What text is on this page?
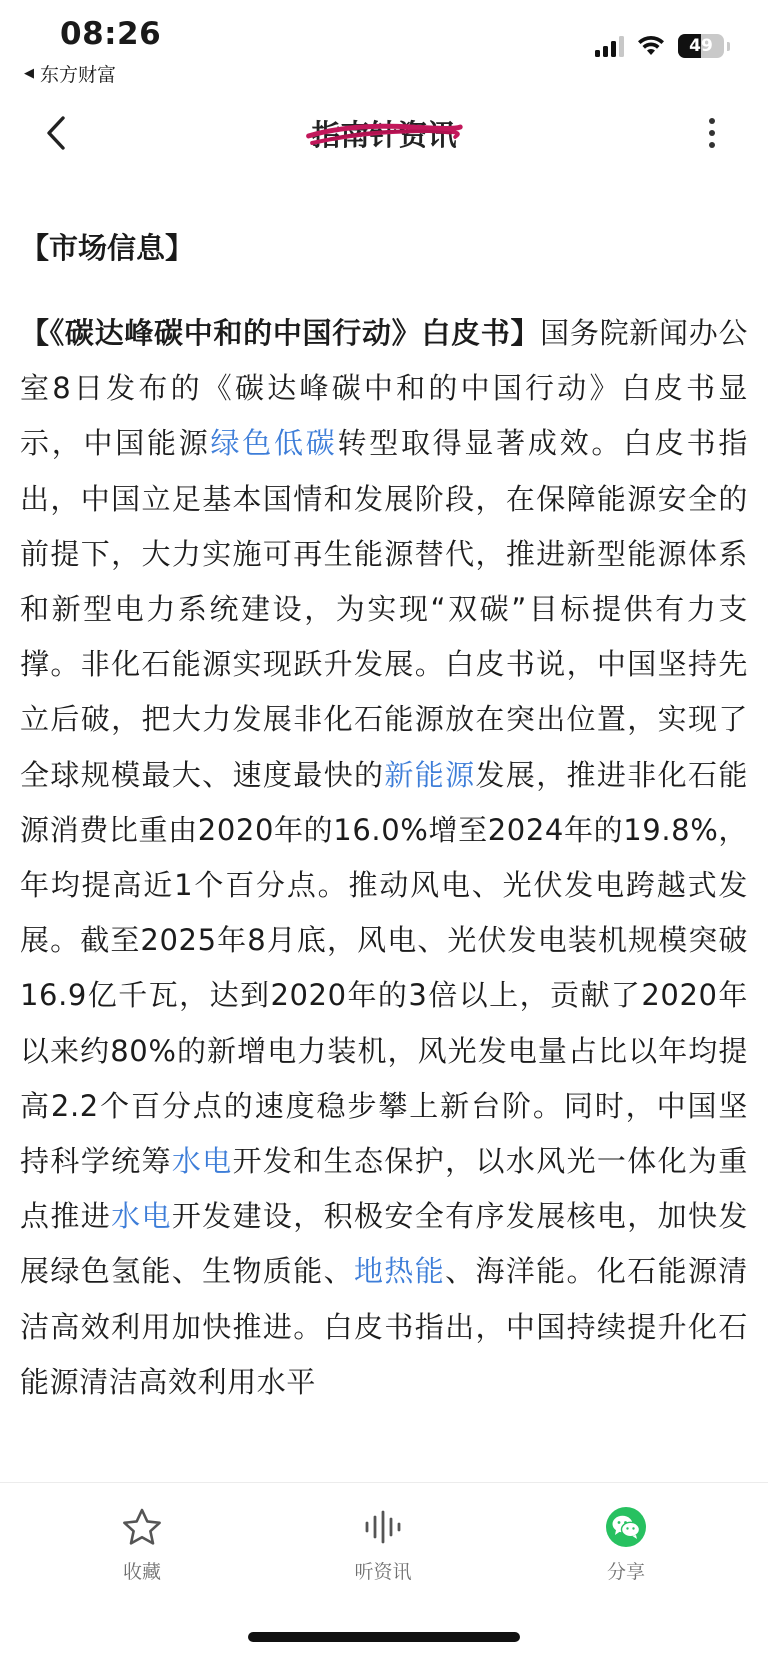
08:26
◀ 东方财富
49
指南针资讯
【市场信息】

【《碳达峰碳中和的中国行动》白皮书】国务院新闻办公室8日发布的《碳达峰碳中和的中国行动》白皮书显示，中国能源绿色低碳转型取得显著成效。白皮书指出，中国立足基本国情和发展阶段，在保障能源安全的前提下，大力实施可再生能源替代，推进新型能源体系和新型电力系统建设，为实现“双碳”目标提供有力支撑。非化石能源实现跃升发展。白皮书说，中国坚持先立后破，把大力发展非化石能源放在突出位置，实现了全球规模最大、速度最快的新能源发展，推进非化石能源消费比重由2020年的16.0%增至2024年的19.8%，年均提高近1个百分点。推动风电、光伏发电跨越式发展。截至2025年8月底，风电、光伏发电装机规模突破16.9亿千瓦，达到2020年的3倍以上，贡献了2020年以来约80%的新增电力装机，风光发电量占比以年均提高2.2个百分点的速度稳步攀上新台阶。同时，中国坚持科学统筹水电开发和生态保护，以水风光一体化为重点推进水电开发建设，积极安全有序发展核电，加快发展绿色氢能、生物质能、地热能、海洋能。化石能源清洁高效利用加快推进。白皮书指出，中国持续提升化石能源清洁高效利用水平

收藏	听资讯	分享
